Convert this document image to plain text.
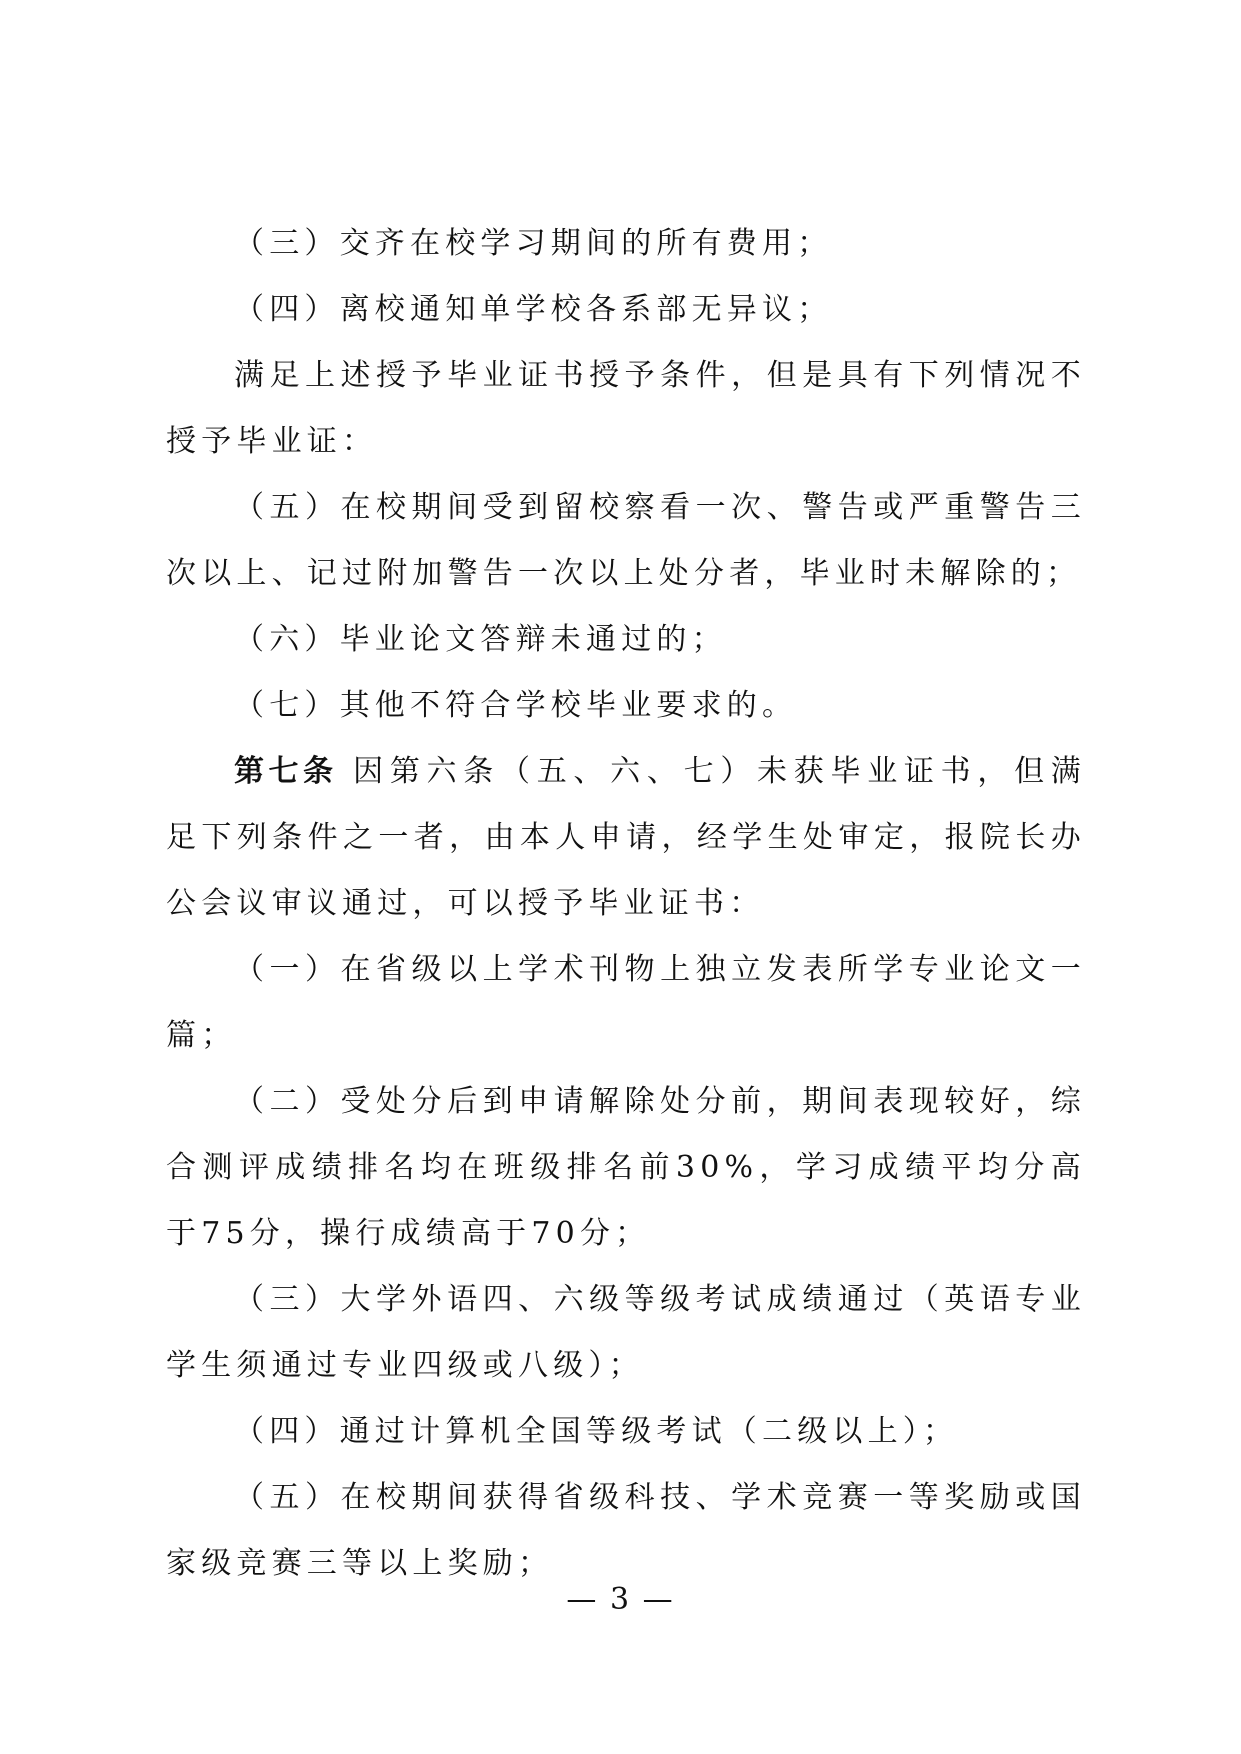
（三）交齐在校学习期间的所有费用；

（四）离校通知单学校各系部无异议；

满足上述授予毕业证书授予条件，但是具有下列情况不授予毕业证：

（五）在校期间受到留校察看一次、警告或严重警告三次以上、记过附加警告一次以上处分者，毕业时未解除的；

（六）毕业论文答辩未通过的；

（七）其他不符合学校毕业要求的。

第七条 因第六条（五、六、七）未获毕业证书，但满足下列条件之一者，由本人申请，经学生处审定，报院长办公会议审议通过，可以授予毕业证书：

（一）在省级以上学术刊物上独立发表所学专业论文一篇；

（二）受处分后到申请解除处分前，期间表现较好，综合测评成绩排名均在班级排名前30%，学习成绩平均分高于75分，操行成绩高于70分；

（三）大学外语四、六级等级考试成绩通过（英语专业学生须通过专业四级或八级）；

（四）通过计算机全国等级考试（二级以上）；

（五）在校期间获得省级科技、学术竞赛一等奖励或国家级竞赛三等以上奖励；

— 3 —
